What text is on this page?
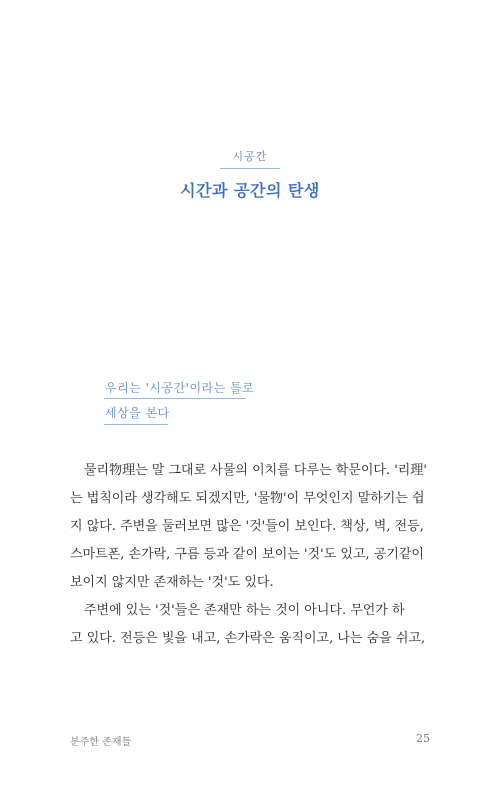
시공간
시간과 공간의 탄생
우리는 '시공간'이라는 틀로
세상을 본다
물리物理는 말 그대로 사물의 이치를 다루는 학문이다. '리理'
는 법칙이라 생각해도 되겠지만, '물物'이 무엇인지 말하기는 쉽
지 않다. 주변을 둘러보면 많은 '것'들이 보인다. 책상, 벽, 전등,
스마트폰, 손가락, 구름 등과 같이 보이는 '것'도 있고, 공기같이
보이지 않지만 존재하는 '것'도 있다.
주변에 있는 '것'들은 존재만 하는 것이 아니다. 무언가 하
고 있다. 전등은 빛을 내고, 손가락은 움직이고, 나는 숨을 쉬고,
분주한 존재들	25
